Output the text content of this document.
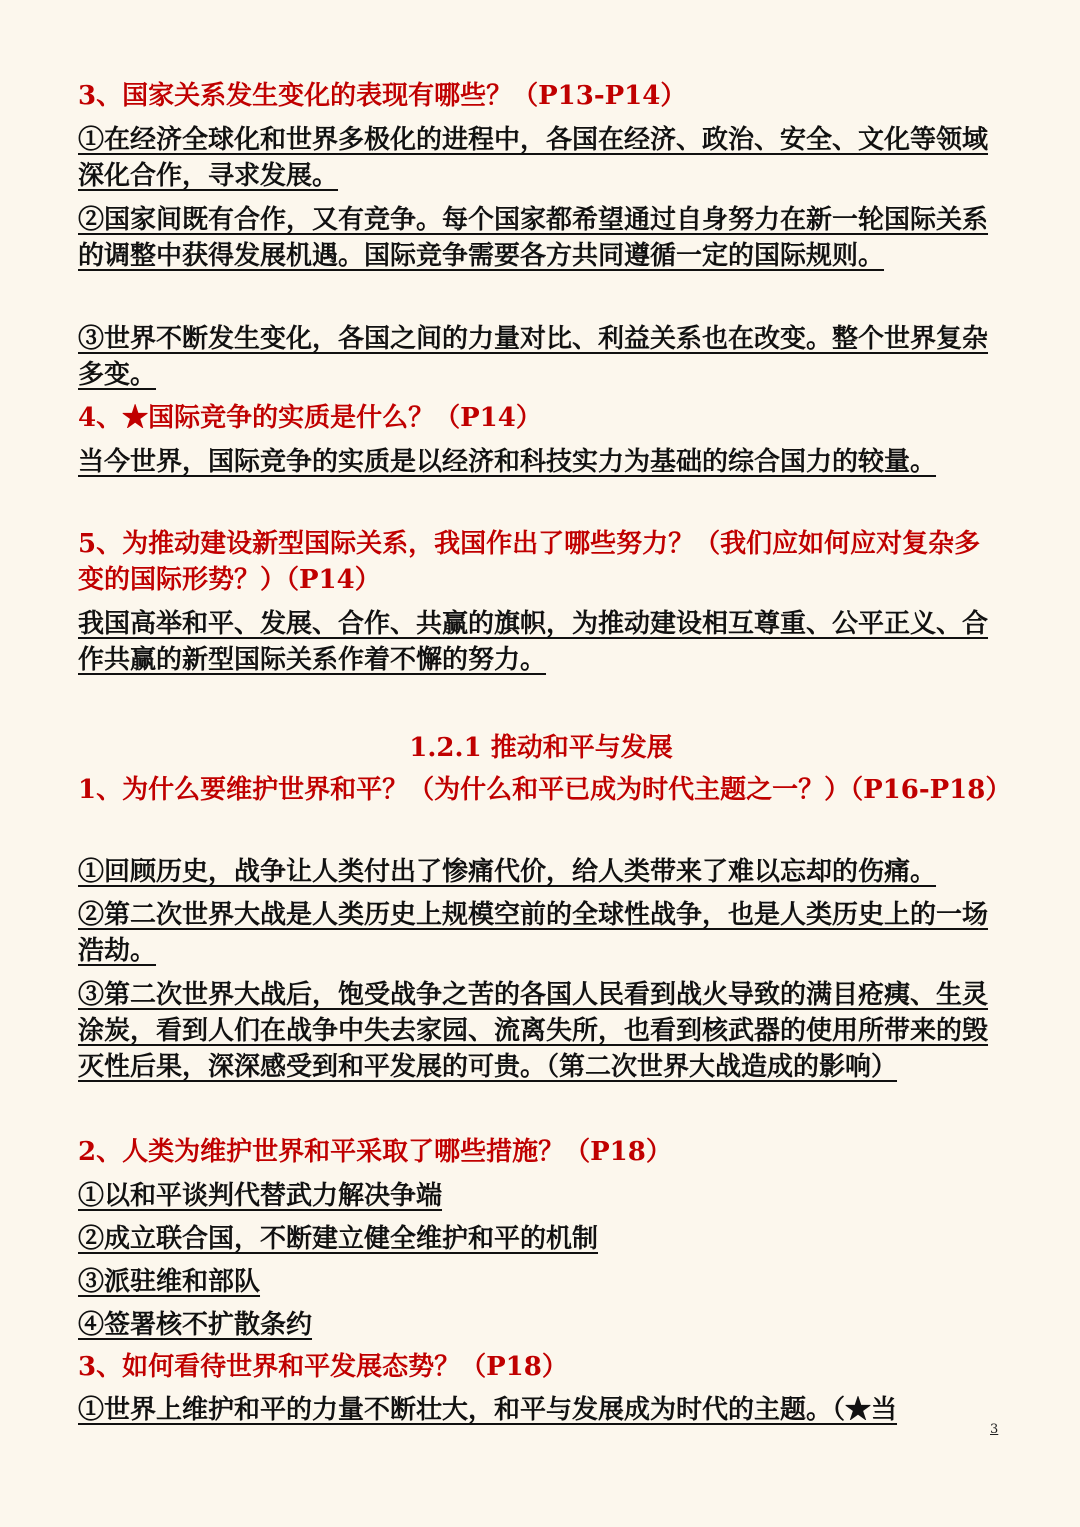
3、国家关系发生变化的表现有哪些？（P13-P14）

①在经济全球化和世界多极化的进程中，各国在经济、政治、安全、文化等领域深化合作，寻求发展。

②国家间既有合作，又有竞争。每个国家都希望通过自身努力在新一轮国际关系的调整中获得发展机遇。国际竞争需要各方共同遵循一定的国际规则。

③世界不断发生变化，各国之间的力量对比、利益关系也在改变。整个世界复杂多变。

4、★国际竞争的实质是什么？（P14）

当今世界，国际竞争的实质是以经济和科技实力为基础的综合国力的较量。

5、为推动建设新型国际关系，我国作出了哪些努力？（我们应如何应对复杂多变的国际形势？）（P14）

我国高举和平、发展、合作、共赢的旗帜，为推动建设相互尊重、公平正义、合作共赢的新型国际关系作着不懈的努力。

1.2.1 推动和平与发展

1、为什么要维护世界和平？（为什么和平已成为时代主题之一？）（P16-P18）

①回顾历史，战争让人类付出了惨痛代价，给人类带来了难以忘却的伤痛。

②第二次世界大战是人类历史上规模空前的全球性战争，也是人类历史上的一场浩劫。

③第二次世界大战后，饱受战争之苦的各国人民看到战火导致的满目疮痍、生灵涂炭，看到人们在战争中失去家园、流离失所，也看到核武器的使用所带来的毁灭性后果，深深感受到和平发展的可贵。（第二次世界大战造成的影响）

2、人类为维护世界和平采取了哪些措施？（P18）

①以和平谈判代替武力解决争端

②成立联合国，不断建立健全维护和平的机制

③派驻维和部队

④签署核不扩散条约

3、如何看待世界和平发展态势？（P18）

①世界上维护和平的力量不断壮大，和平与发展成为时代的主题。（★当

3
